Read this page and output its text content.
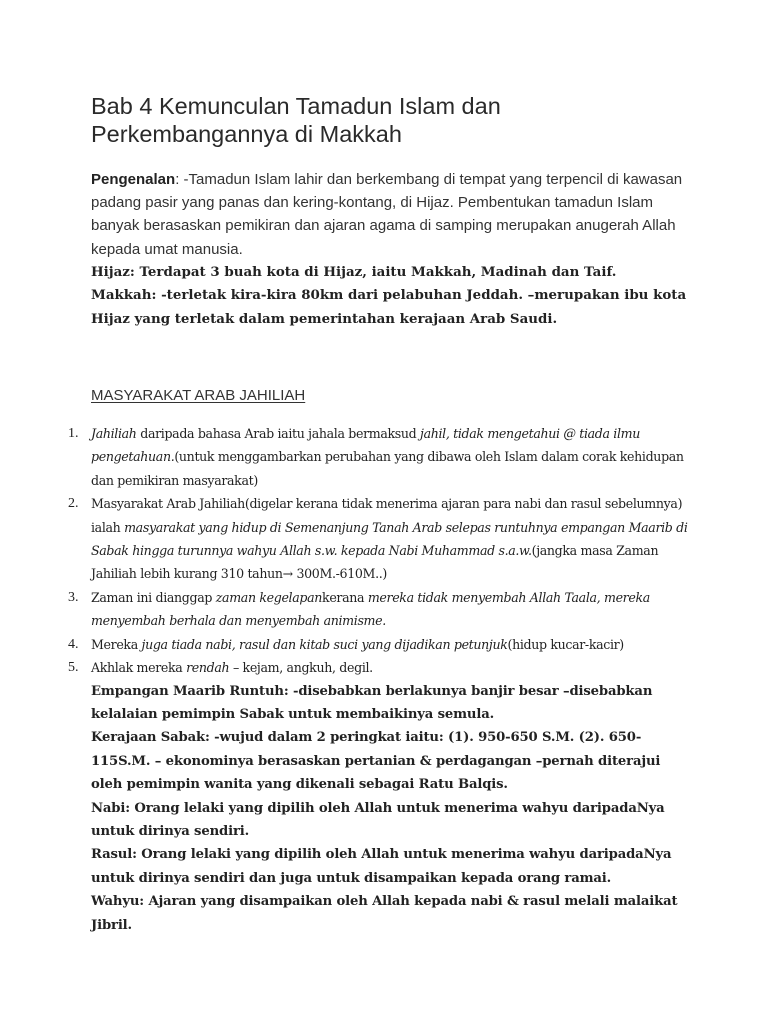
Bab 4 Kemunculan Tamadun Islam dan
Perkembangannya di Makkah

Pengenalan: -Tamadun Islam lahir dan berkembang di tempat yang terpencil di kawasan padang pasir yang panas dan kering-kontang, di Hijaz. Pembentukan tamadun Islam banyak berasaskan pemikiran dan ajaran agama di samping merupakan anugerah Allah kepada umat manusia.

Hijaz: Terdapat 3 buah kota di Hijaz, iaitu Makkah, Madinah dan Taif.

Makkah: -terletak kira-kira 80km dari pelabuhan Jeddah. –merupakan ibu kota Hijaz yang terletak dalam pemerintahan kerajaan Arab Saudi.

MASYARAKAT ARAB JAHILIAH
1. Jahiliah daripada bahasa Arab iaitu jahala bermaksud jahil, tidak mengetahui @ tiada ilmu pengetahuan.(untuk menggambarkan perubahan yang dibawa oleh Islam dalam corak kehidupan dan pemikiran masyarakat)
2. Masyarakat Arab Jahiliah(digelar kerana tidak menerima ajaran para nabi dan rasul sebelumnya) ialah masyarakat yang hidup di Semenanjung Tanah Arab selepas runtuhnya empangan Maarib di Sabak hingga turunnya wahyu Allah s.w. kepada Nabi Muhammad s.a.w.(jangka masa Zaman Jahiliah lebih kurang 310 tahun→ 300M.-610M..)
3. Zaman ini dianggap zaman kegelapankerana mereka tidak menyembah Allah Taala, mereka menyembah berhala dan menyembah animisme.
4. Mereka juga tiada nabi, rasul dan kitab suci yang dijadikan petunjuk(hidup kucar-kacir)
5. Akhlak mereka rendah – kejam, angkuh, degil.

Empangan Maarib Runtuh: -disebabkan berlakunya banjir besar –disebabkan kelalaian pemimpin Sabak untuk membaikinya semula.

Kerajaan Sabak: -wujud dalam 2 peringkat iaitu: (1). 950-650 S.M. (2). 650-115S.M. – ekonominya berasaskan pertanian & perdagangan –pernah diterajui oleh pemimpin wanita yang dikenali sebagai Ratu Balqis.

Nabi: Orang lelaki yang dipilih oleh Allah untuk menerima wahyu daripadaNya untuk dirinya sendiri.

Rasul: Orang lelaki yang dipilih oleh Allah untuk menerima wahyu daripadaNya untuk dirinya sendiri dan juga untuk disampaikan kepada orang ramai.

Wahyu: Ajaran yang disampaikan oleh Allah kepada nabi & rasul melali malaikat Jibril.
